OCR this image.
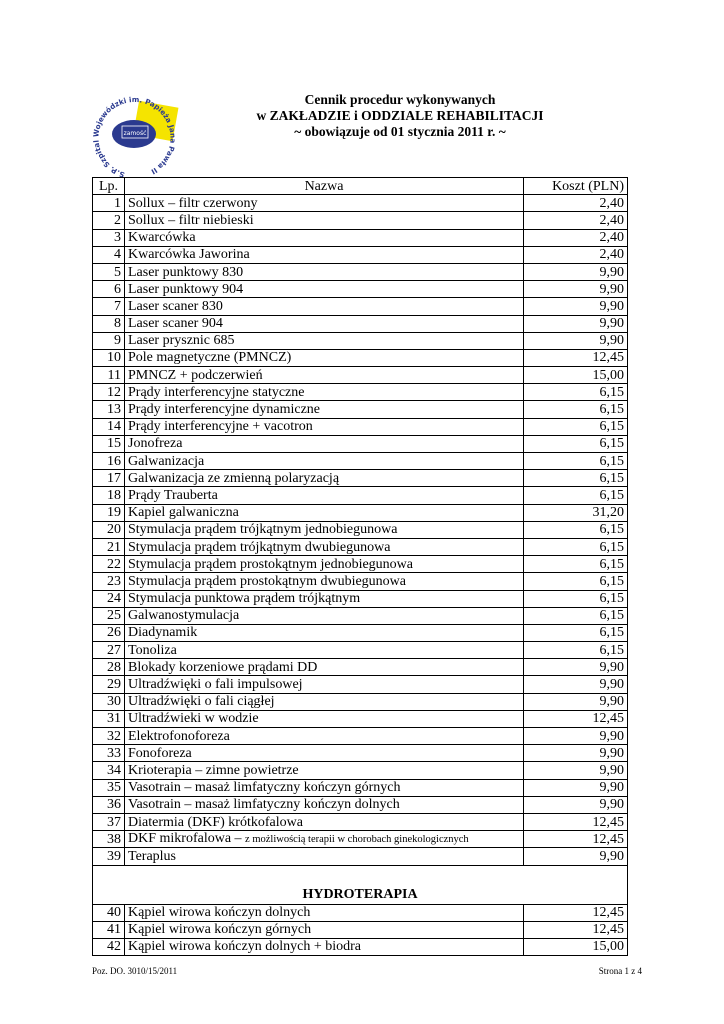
zamość
S.P. Szpital Wojewódzki im. Papieża Jana Pawła II
Cennik procedur wykonywanych
w ZAKŁADZIE i ODDZIALE REHABILITACJI
~ obowiązuje od 01 stycznia 2011 r. ~
Lp.	Nazwa	Koszt (PLN)
1	Sollux – filtr czerwony	2,40
2	Sollux – filtr niebieski	2,40
3	Kwarcówka	2,40
4	Kwarcówka Jaworina	2,40
5	Laser punktowy 830	9,90
6	Laser punktowy 904	9,90
7	Laser scaner 830	9,90
8	Laser scaner 904	9,90
9	Laser prysznic 685	9,90
10	Pole magnetyczne (PMNCZ)	12,45
11	PMNCZ + podczerwień	15,00
12	Prądy interferencyjne statyczne	6,15
13	Prądy interferencyjne dynamiczne	6,15
14	Prądy interferencyjne + vacotron	6,15
15	Jonofreza	6,15
16	Galwanizacja	6,15
17	Galwanizacja ze zmienną polaryzacją	6,15
18	Prądy Trauberta	6,15
19	Kapiel galwaniczna	31,20
20	Stymulacja prądem trójkątnym jednobiegunowa	6,15
21	Stymulacja prądem trójkątnym dwubiegunowa	6,15
22	Stymulacja prądem prostokątnym jednobiegunowa	6,15
23	Stymulacja prądem prostokątnym dwubiegunowa	6,15
24	Stymulacja punktowa prądem trójkątnym	6,15
25	Galwanostymulacja	6,15
26	Diadynamik	6,15
27	Tonoliza	6,15
28	Blokady korzeniowe prądami DD	9,90
29	Ultradźwięki o fali impulsowej	9,90
30	Ultradźwięki o fali ciągłej	9,90
31	Ultradźwieki w wodzie	12,45
32	Elektrofonoforeza	9,90
33	Fonoforeza	9,90
34	Krioterapia – zimne powietrze	9,90
35	Vasotrain – masaż limfatyczny kończyn górnych	9,90
36	Vasotrain – masaż limfatyczny kończyn dolnych	9,90
37	Diatermia (DKF) krótkofalowa	12,45
38	DKF mikrofalowa – z możliwością terapii w chorobach ginekologicznych	12,45
39	Teraplus	9,90
HYDROTERAPIA		
40	Kąpiel wirowa kończyn dolnych	12,45
41	Kąpiel wirowa kończyn górnych	12,45
42	Kąpiel wirowa kończyn dolnych + biodra	15,00
Poz. DO. 3010/15/2011	Strona 1 z 4
